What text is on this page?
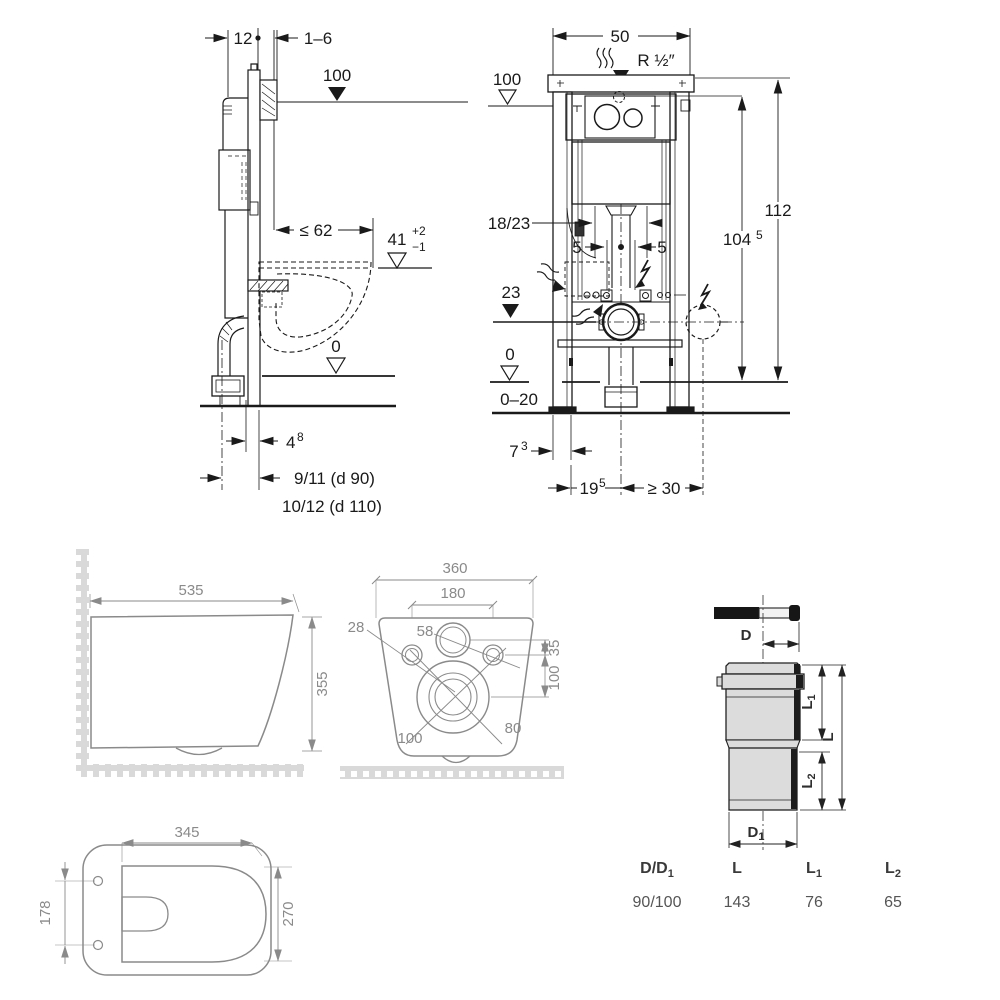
12	1–6
100
≤ 62	41 +2
−1
0
4 8
9/11 (d 90)
10/12 (d 110)
50
R ½″
100
112
104 5
18/23
5	5
23
0
0–20
7 3
19 5 ≥ 30
535
355
360
180
28	58
35
100
80
100
345
178	270
D
L1
L
L2
D1
$D/D_1$	L	$L_1$	$L_2$
90/100	143	76	65
